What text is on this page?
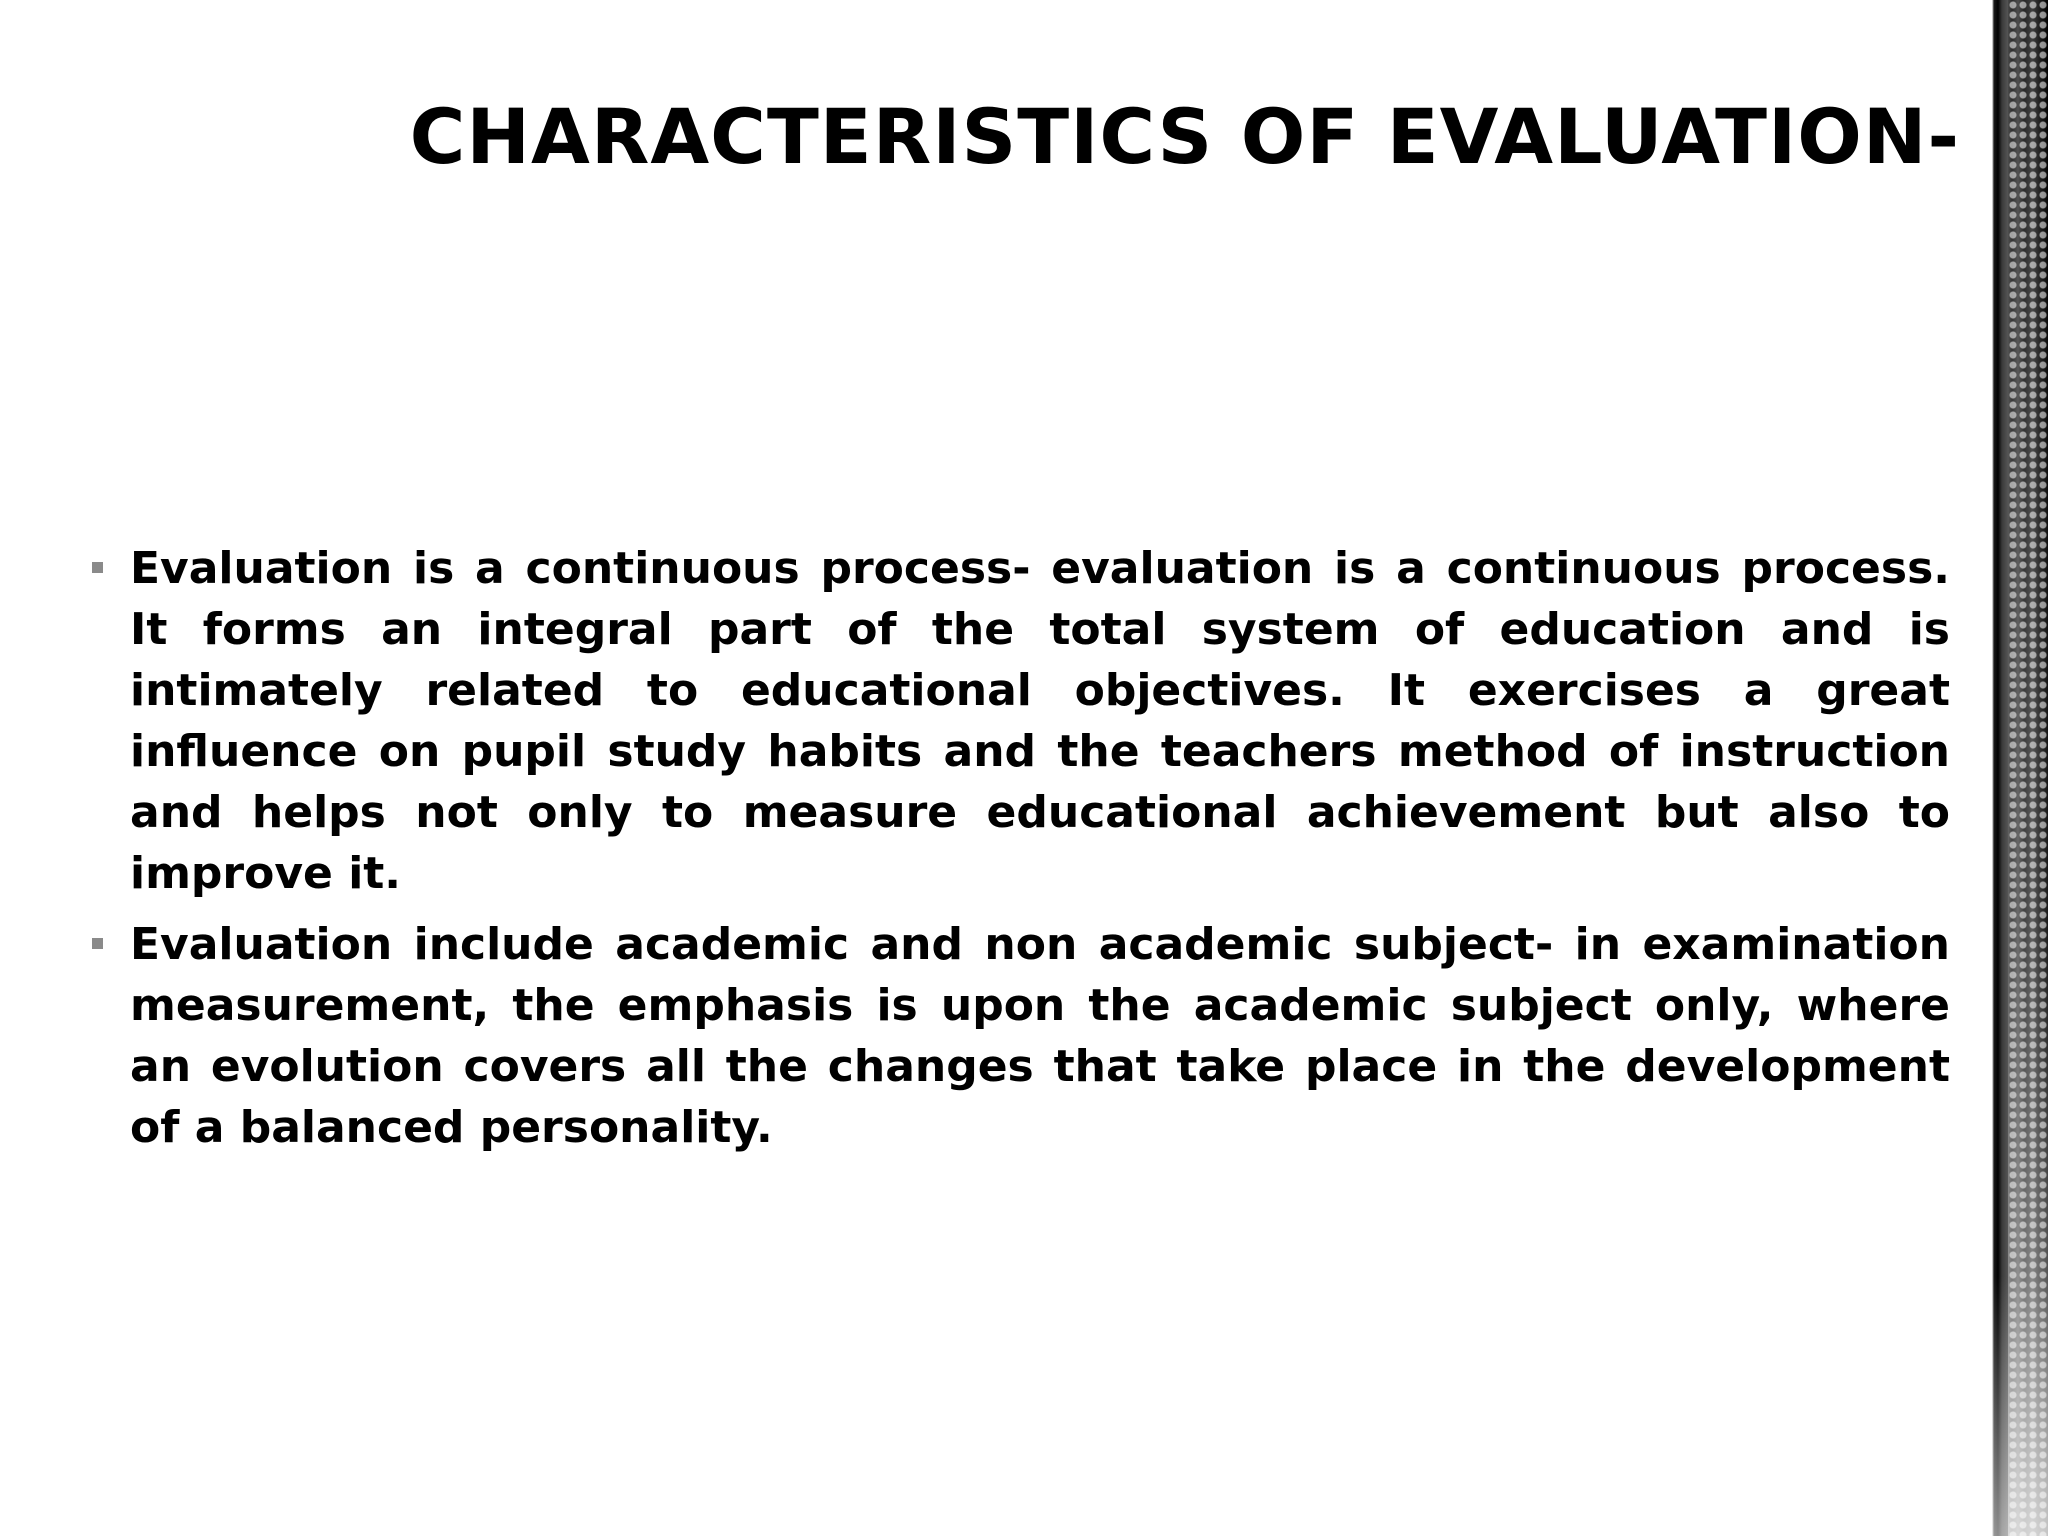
CHARACTERISTICS OF EVALUATION-
Evaluation is a continuous process- evaluation is a continuous process. It forms an integral part of the total system of education and is intimately related to educational objectives. It exercises a great influence on pupil study habits and the teachers method of instruction and helps not only to measure educational achievement but also to improve it.
Evaluation include academic and non academic subject- in examination measurement, the emphasis is upon the academic subject only, where an evolution covers all the changes that take place in the development of a balanced personality.
